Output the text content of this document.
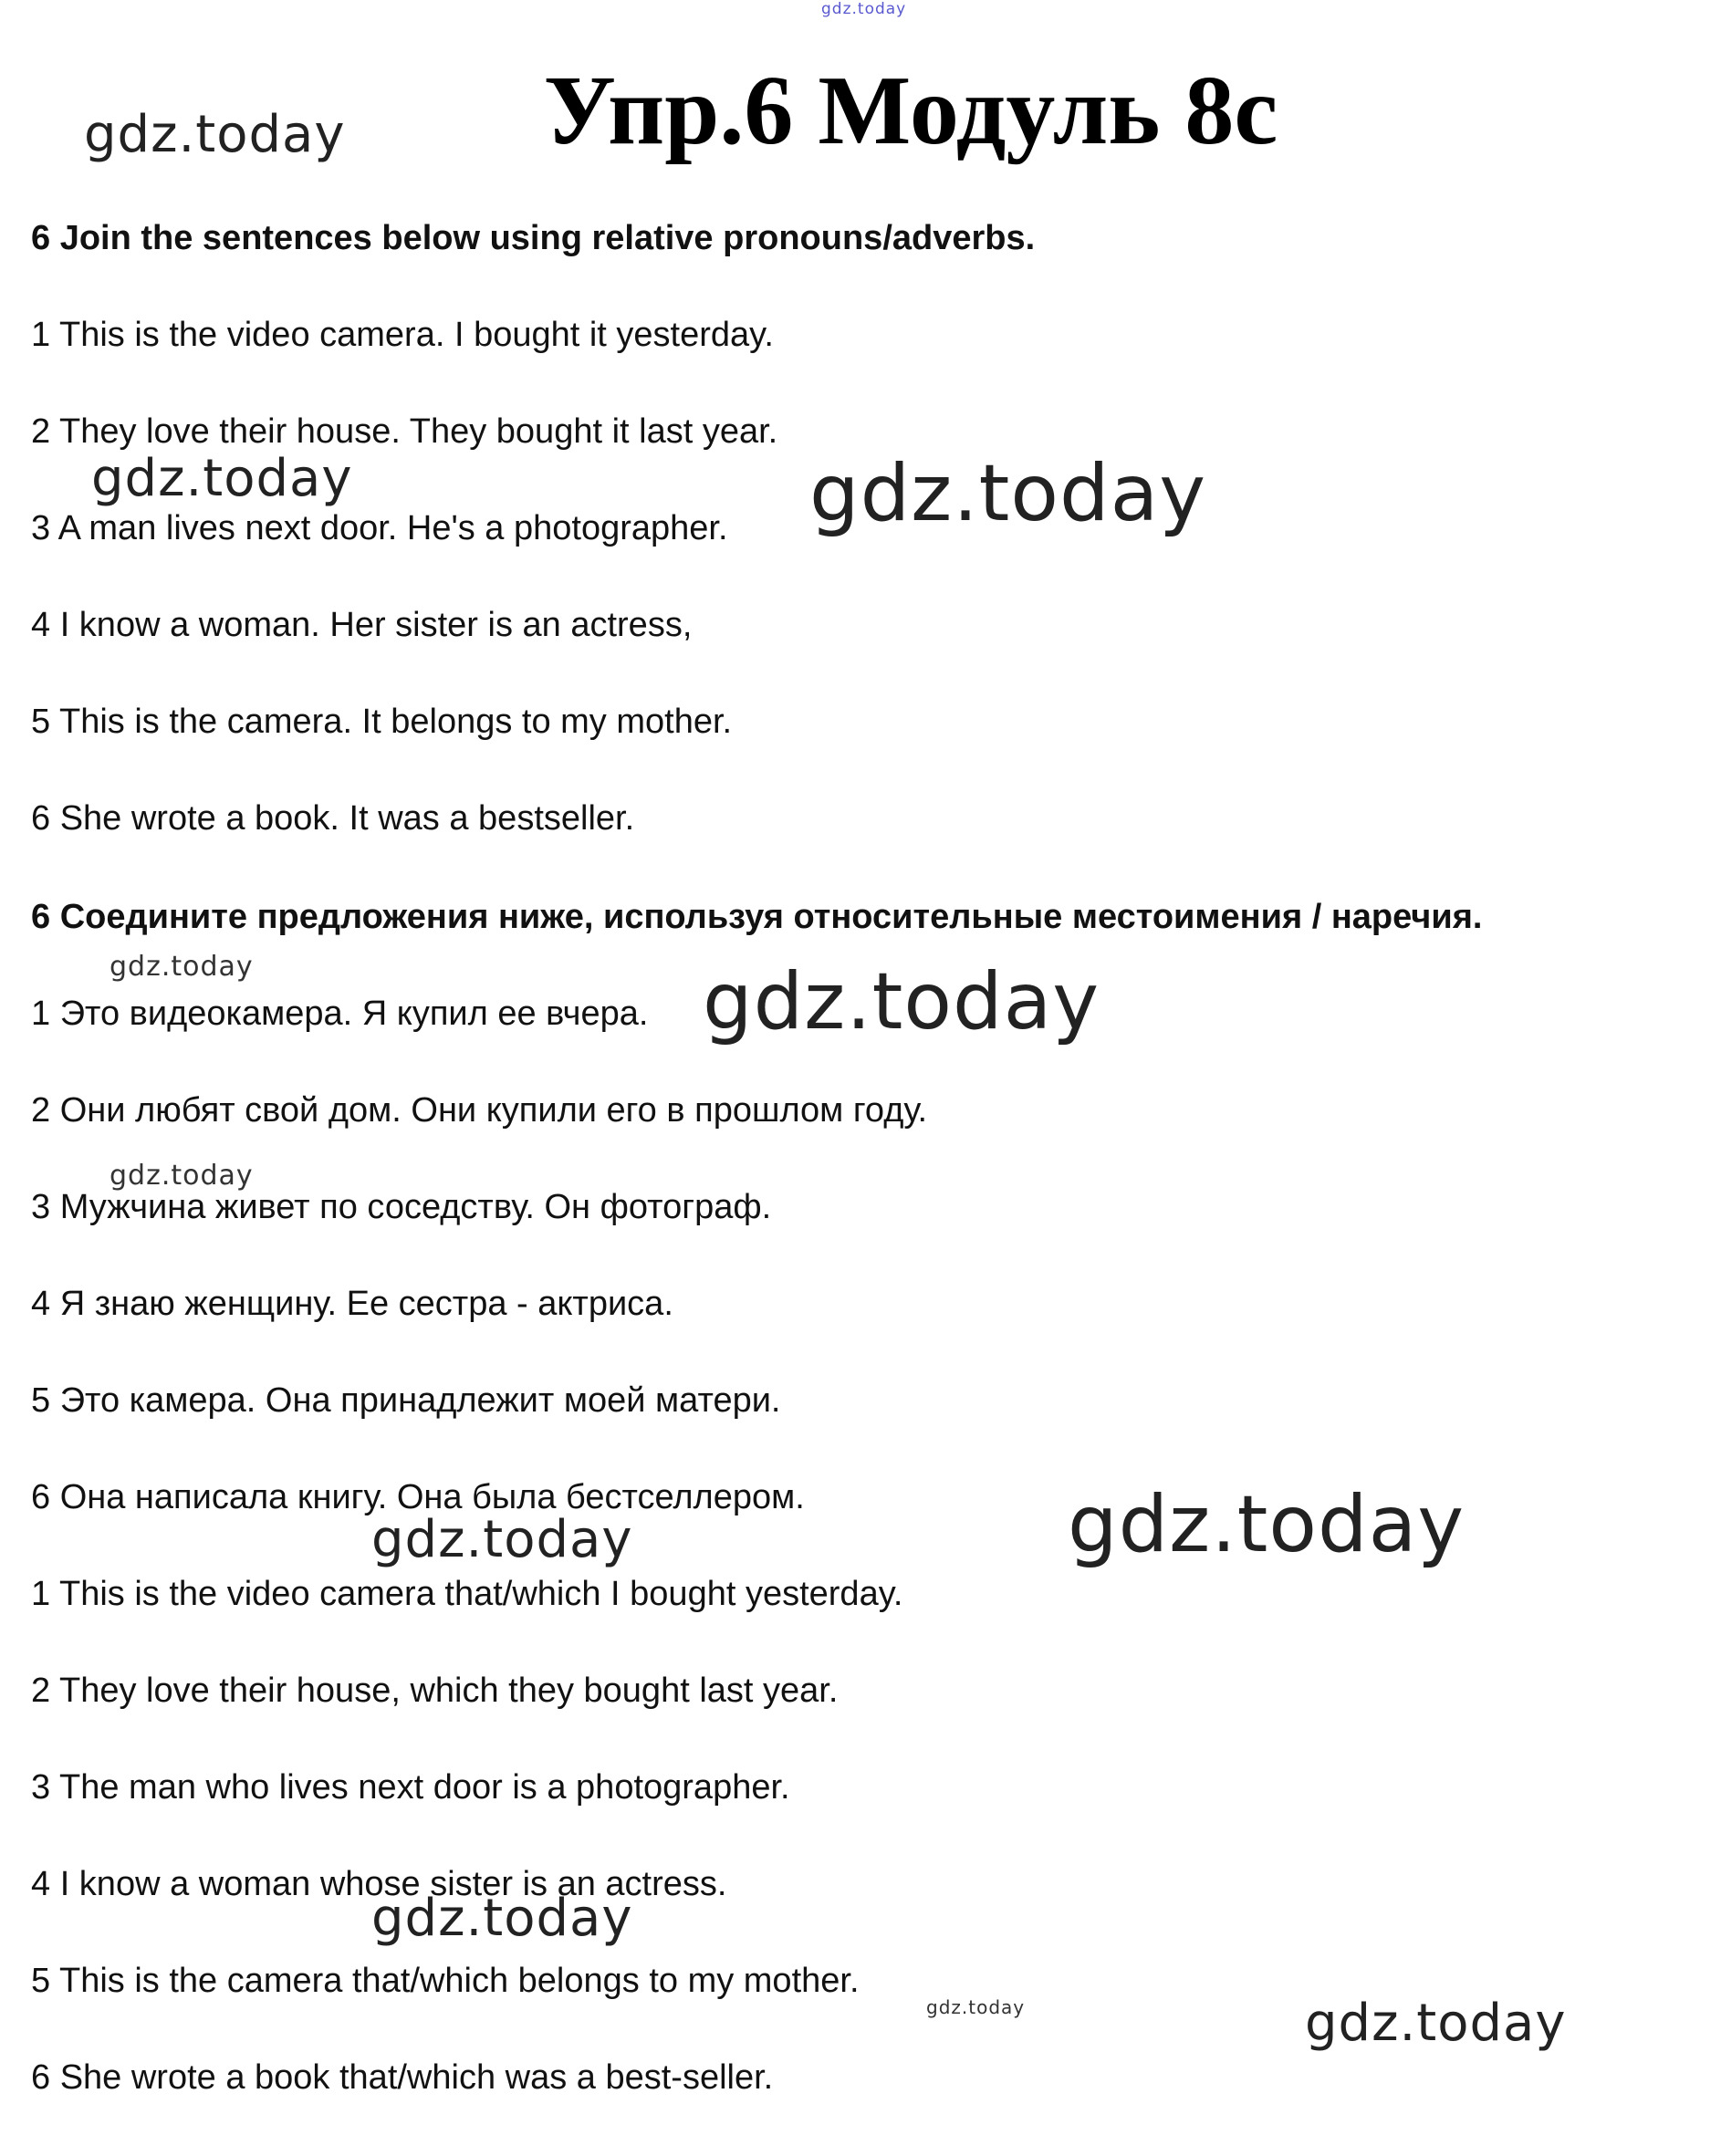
Упр.6 Модуль 8с
6 Join the sentences below using relative pronouns/adverbs.
1 This is the video camera. I bought it yesterday.
2 They love their house. They bought it last year.
3 A man lives next door. He's a photographer.
4 I know a woman. Her sister is an actress,
5 This is the camera. It belongs to my mother.
6 She wrote a book. It was a bestseller.
6 Соедините предложения ниже, используя относительные местоимения / наречия.
1 Это видеокамера. Я купил ее вчера.
2 Они любят свой дом. Они купили его в прошлом году.
3 Мужчина живет по соседству. Он фотограф.
4 Я знаю женщину. Ее сестра - актриса.
5 Это камера. Она принадлежит моей матери.
6 Она написала книгу. Она была бестселлером.
1 This is the video camera that/which I bought yesterday.
2 They love their house, which they bought last year.
3 The man who lives next door is a photographer.
4 I know a woman whose sister is an actress.
5 This is the camera that/which belongs to my mother.
6 She wrote a book that/which was a best-seller.
gdz.today
gdz.today
gdz.today	gdz.today
gdz.today	gdz.today
gdz.today
gdz.today
gdz.today
gdz.today
gdz.today	gdz.today
